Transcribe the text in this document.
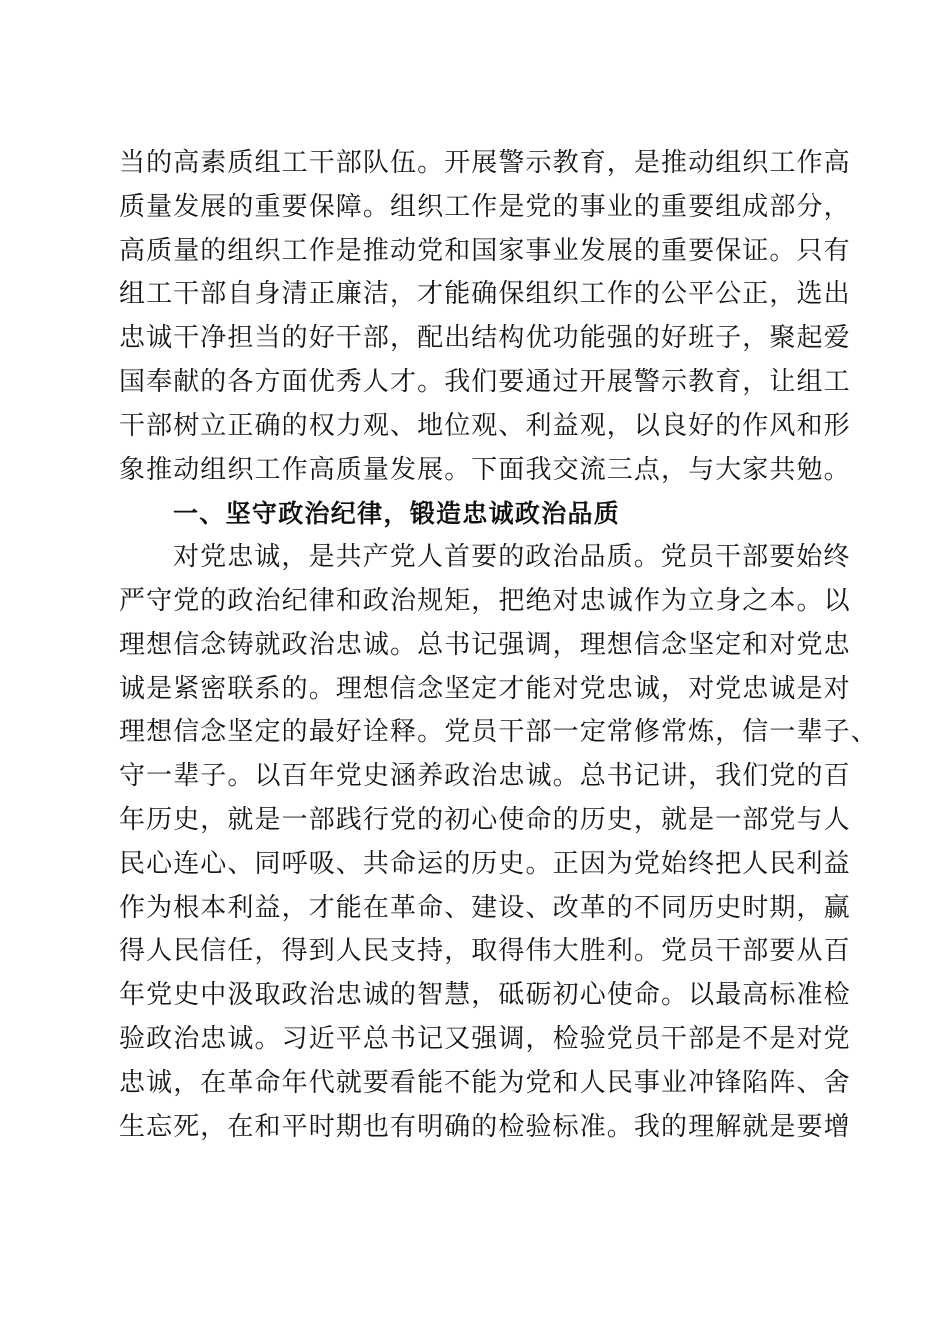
当的高素质组工干部队伍。开展警示教育，是推动组织工作高
质量发展的重要保障。组织工作是党的事业的重要组成部分，
高质量的组织工作是推动党和国家事业发展的重要保证。只有
组工干部自身清正廉洁，才能确保组织工作的公平公正，选出
忠诚干净担当的好干部，配出结构优功能强的好班子，聚起爱
国奉献的各方面优秀人才。我们要通过开展警示教育，让组工
干部树立正确的权力观、地位观、利益观，以良好的作风和形
象推动组织工作高质量发展。下面我交流三点，与大家共勉。
一、坚守政治纪律，锻造忠诚政治品质
对党忠诚，是共产党人首要的政治品质。党员干部要始终
严守党的政治纪律和政治规矩，把绝对忠诚作为立身之本。以
理想信念铸就政治忠诚。总书记强调，理想信念坚定和对党忠
诚是紧密联系的。理想信念坚定才能对党忠诚，对党忠诚是对
理想信念坚定的最好诠释。党员干部一定常修常炼，信一辈子、
守一辈子。以百年党史涵养政治忠诚。总书记讲，我们党的百
年历史，就是一部践行党的初心使命的历史，就是一部党与人
民心连心、同呼吸、共命运的历史。正因为党始终把人民利益
作为根本利益，才能在革命、建设、改革的不同历史时期，赢
得人民信任，得到人民支持，取得伟大胜利。党员干部要从百
年党史中汲取政治忠诚的智慧，砥砺初心使命。以最高标准检
验政治忠诚。习近平总书记又强调，检验党员干部是不是对党
忠诚，在革命年代就要看能不能为党和人民事业冲锋陷阵、舍
生忘死，在和平时期也有明确的检验标准。我的理解就是要增
